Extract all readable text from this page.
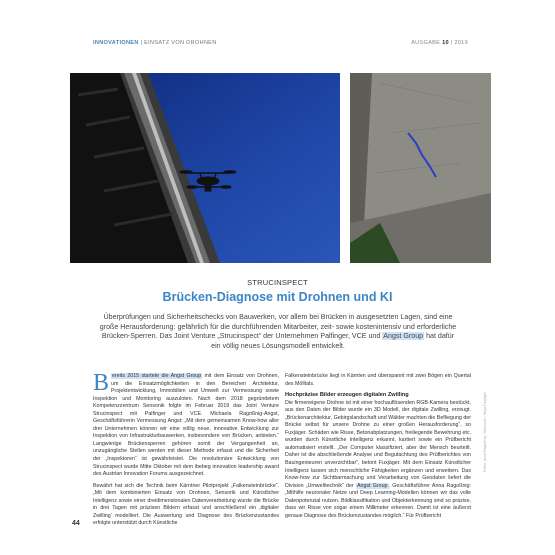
INNOVATIONEN | EINSATZ VON DROHNEN	AUSGABE 10 | 2019
STRUCINSPECT
Brücken-Diagnose mit Drohnen und KI
Überprüfungen und Sicherheitschecks von Bauwerken, vor allem bei Brücken in ausgesetzten Lagen, sind eine große Herausforderung: gefährlich für die durchführenden Mitarbeiter, zeit- sowie kostenintensiv und erforderliche Brücken-Sperren. Das Joint Venture „Strucinspect“ der Unternehmen Palfinger, VCE und Angst Group hat dafür ein völlig neues Lösungsmodell entwickelt.

Bereits 2015 startete die Angst Group mit dem Einsatz von Drohnen, um die Einsatzmöglichkeiten in den Bereichen Architektur, Projektentwicklung, Immobilien und Umwelt zur Vermessung sowie Inspektion und Monitoring auszuloten. Nach dem 2018 gegründetem Kompetenzzentrum Sensonik folgte im Februar 2019 das Joint Venture Strucinspect mit Palfinger und VCE. Michaela Ragoßnig-Angst, Geschäftsführerin Vermessung Angst: „Mit dem gemeinsamen Know-how aller drei Unternehmen können wir eine völlig neue, innovative Entwicklung zur Inspektion von Infrastrukturbauwerken, insbesondere von Brücken, anbieten.“ Langwierige Brückensperren gehören somit der Vergangenheit an, unzugängliche Stellen werden mit dieser Methode erfasst und die Sicherheit der „Inspektoren“ ist gewährleistet. Die revolutionäre Entwicklung von Strucinspect wurde Mitte Oktober mit dem ibebeg innovation leadership award des Austrian Innovation Forums ausgezeichnet.

Bewährt hat sich die Technik beim Kärntner Pilotprojekt „Falkensteinbrücke“. „Mit dem kombinierten Einsatz von Drohnen, Sensorik und Künstlicher Intelligenz sowie einer dreidimensionalen Datenverarbeitung wurde die Brücke in drei Tagen mit präzisen Bildern erfasst und anschließend ein ‚digitaler Zwilling‘ modelliert. Die Auswertung und Diagnose des Brückenzustandes erfolgte unterstützt durch Künstliche

Falkensteinbrücke liegt in Kärnten und überspannt mit zwei Bögen ein Quertal des Mölltals.

Hochpräzise Bilder erzeugen digitalen Zwilling
Die firmeneigene Drohne ist mit einer hochauflösenden RGB-Kamera bestückt, aus den Daten der Bilder wurde ein 3D Modell, der digitale Zwilling, erzeugt. „Brückenarchitektur, Gebirgslandschaft und Wälder machten die Befliegung der Brücke selbst für unsere Drohne zu einer großen Herausforderung“, so Fuxjäger. Schäden wie Risse, Betonabplatzungen, freiliegende Bewehrung etc. wurden durch Künstliche Intelligenz erkannt, kartiert sowie ein Prüfbericht automatisiert erstellt. „Der Computer klassifiziert, aber der Mensch beurteilt. Daher ist die abschließende Analyse und Begutachtung des Prüfberichtes von Bauingenieuren unverzichtbar“, betont Fuxjäger. Mit dem Einsatz Künstlicher Intelligenz lassen sich menschliche Fähigkeiten ergänzen und erweitern. Das Know-how zur Sichtbarmachung und Verarbeitung von Geodaten liefert die Division „Umwelttechnik“ der Angst Group. Geschäftsführer Anna Ragoßnig: „Mithilfe neuronaler Netze und Deep Learning-Modellen können wir das volle Datenpotenzial nutzen. Bildklassifikation und Objekterkennung sind so präzise, dass wir Risse von sogar einem Millimeter erkennen. Damit ist eine äußerst genaue Diagnose des Brückenzustandes möglich.“ Für Prüfbericht

44
Fotos: Anna Ragoßnig / Sensonik / Tanja Fuxjäger
